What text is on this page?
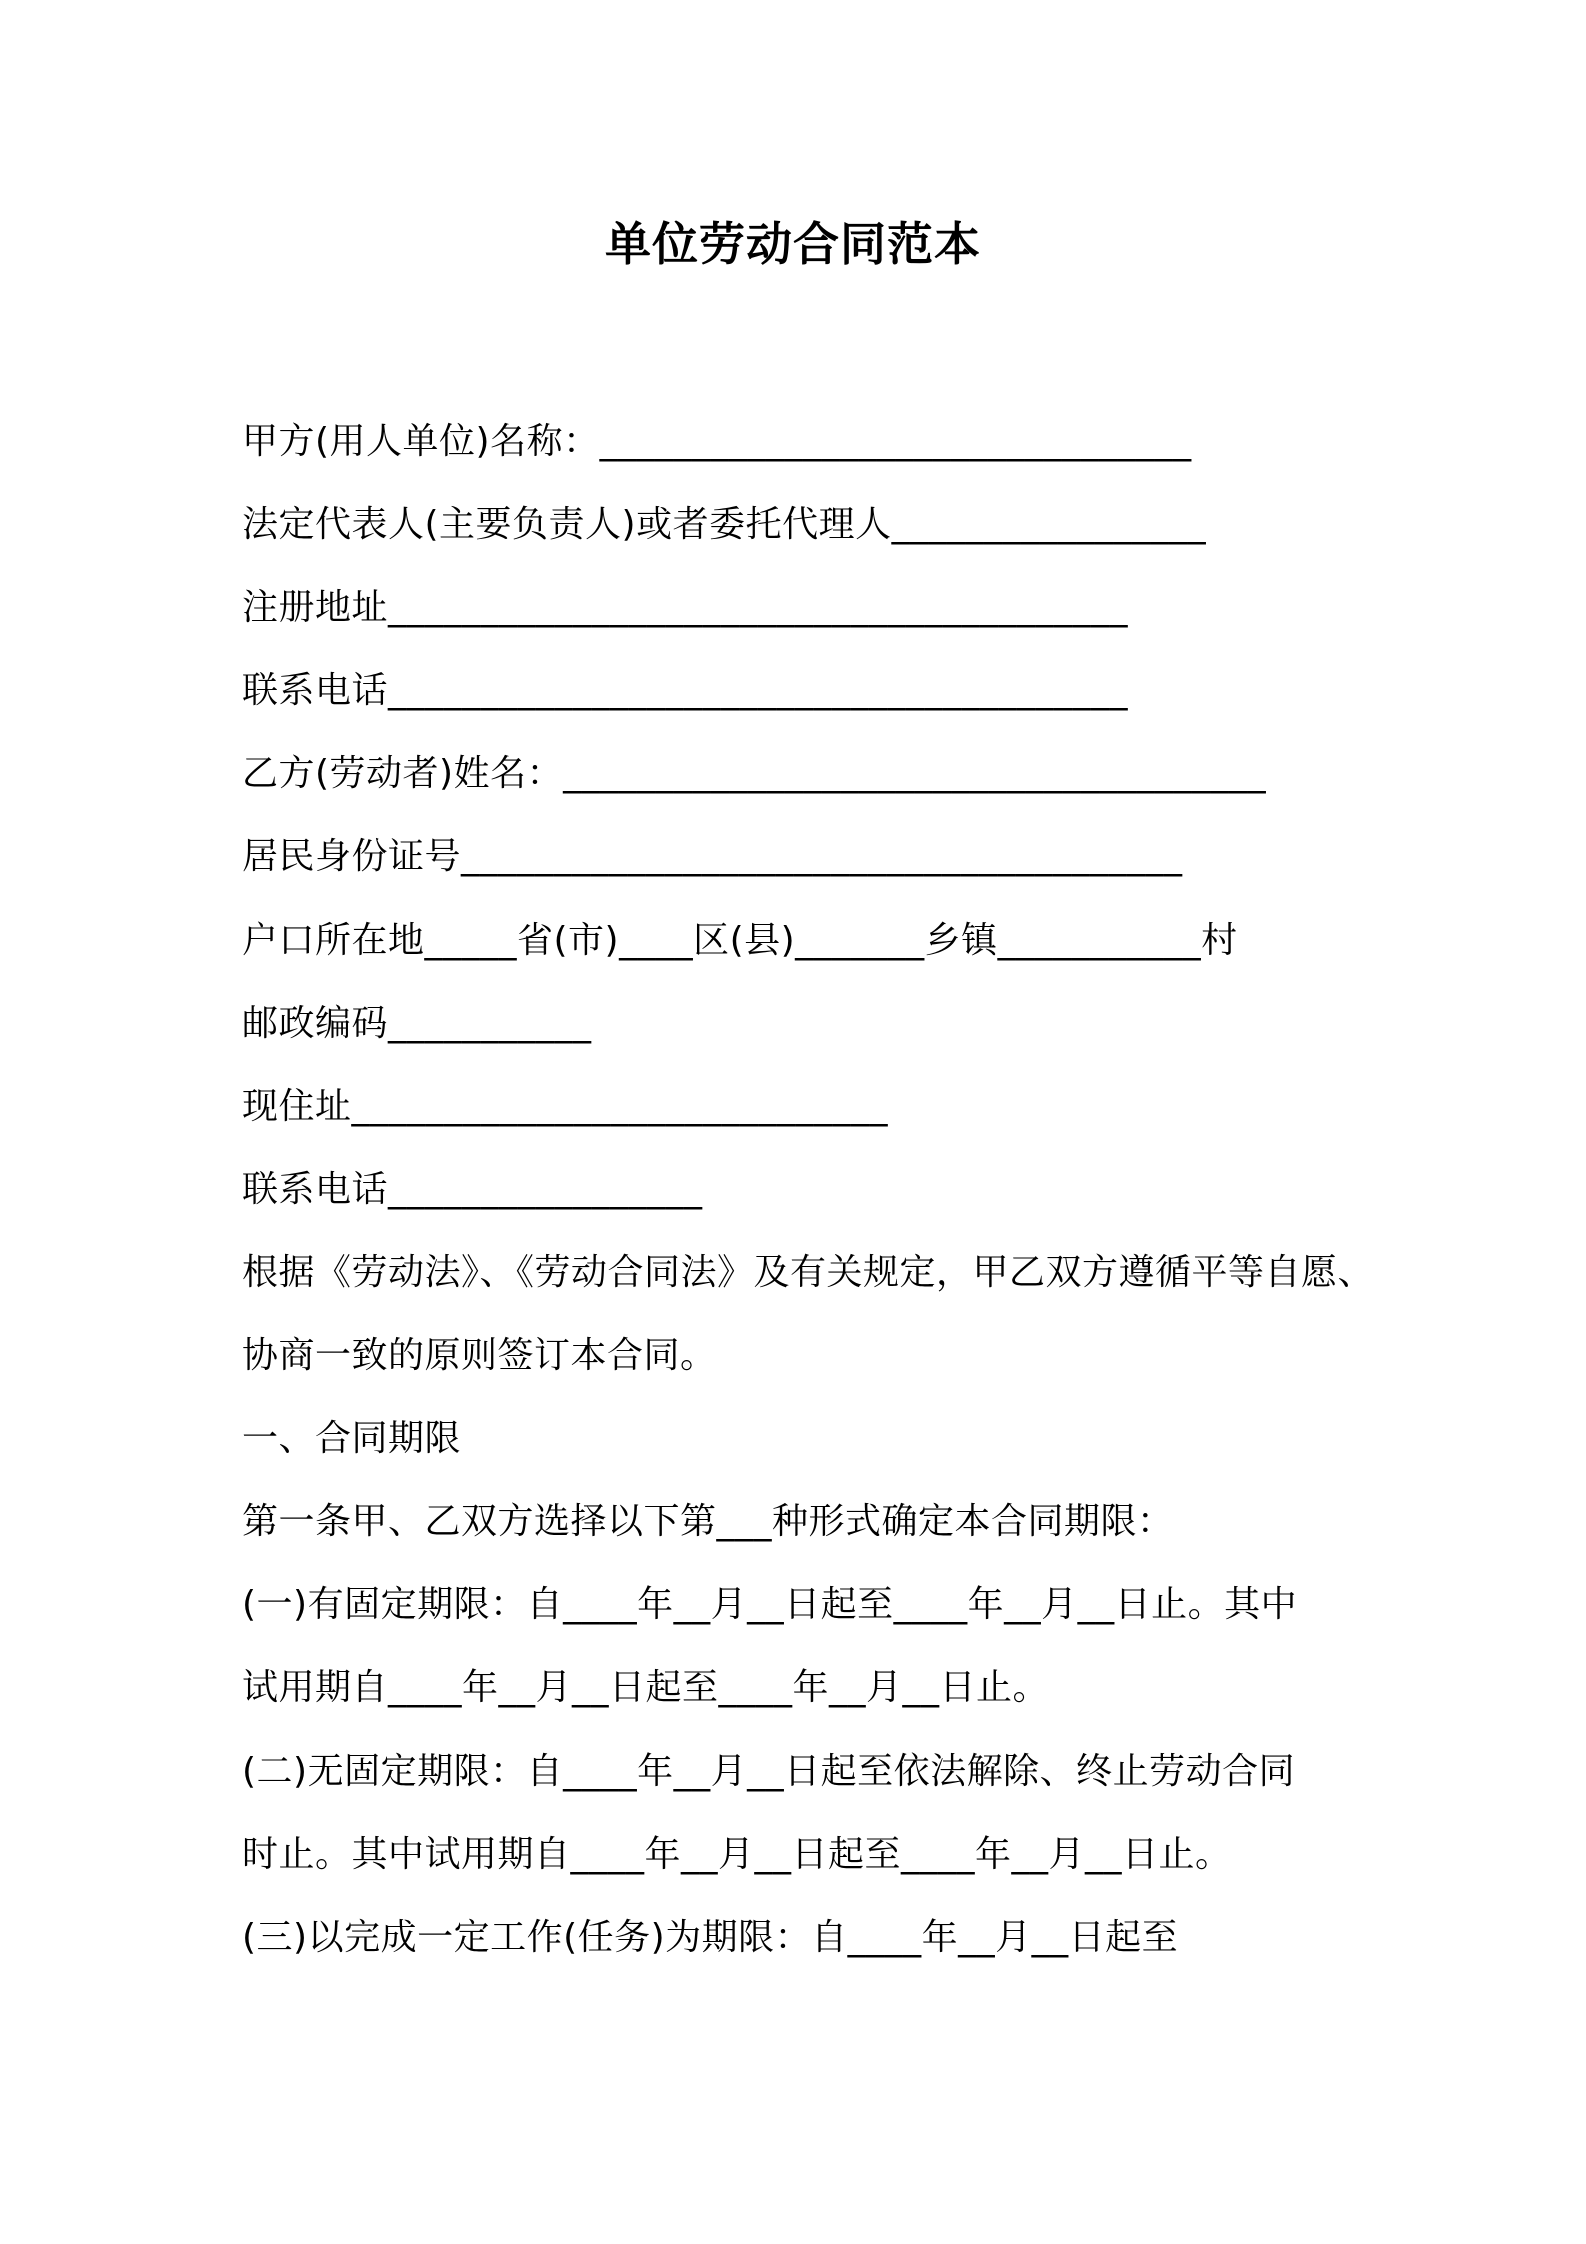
单位劳动合同范本
甲方(用人单位)名称：________________________________
法定代表人(主要负责人)或者委托代理人_________________
注册地址________________________________________
联系电话________________________________________
乙方(劳动者)姓名：______________________________________
居民身份证号_______________________________________
户口所在地_____省(市)____区(县)_______乡镇___________村
邮政编码___________
现住址_____________________________
联系电话_________________
根据《劳动法》、《劳动合同法》及有关规定，甲乙双方遵循平等自愿、
协商一致的原则签订本合同。
一、合同期限
第一条甲、乙双方选择以下第___种形式确定本合同期限：
(一)有固定期限：自____年__月__日起至____年__月__日止。其中
试用期自____年__月__日起至____年__月__日止。
(二)无固定期限：自____年__月__日起至依法解除、终止劳动合同
时止。其中试用期自____年__月__日起至____年__月__日止。
(三)以完成一定工作(任务)为期限：自____年__月__日起至
